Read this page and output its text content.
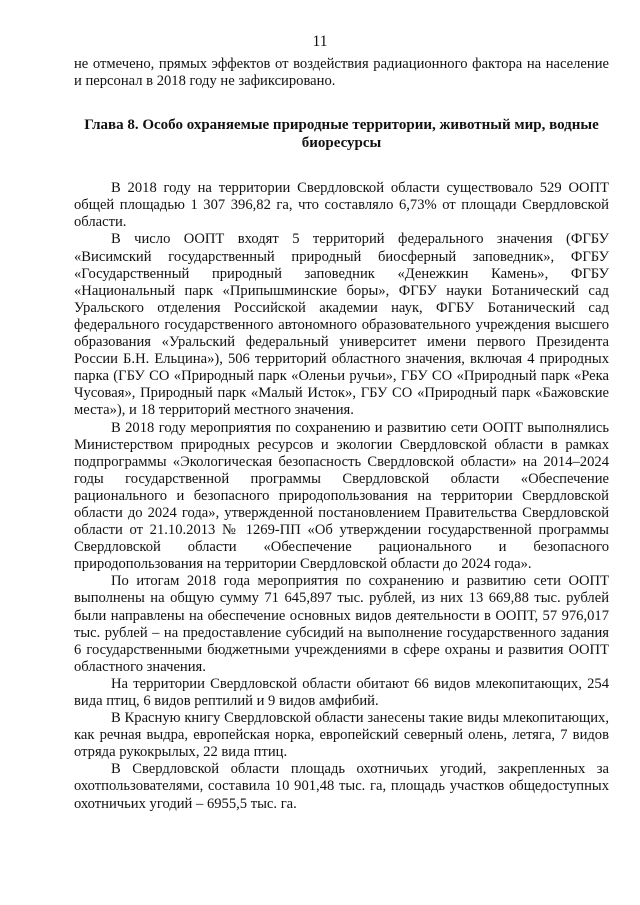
11

не отмечено, прямых эффектов от воздействия радиационного фактора на население и персонал в 2018 году не зафиксировано.

Глава 8. Особо охраняемые природные территории, животный мир, водные биоресурсы

В 2018 году на территории Свердловской области существовало 529 ООПТ общей площадью 1 307 396,82 га, что составляло 6,73% от площади Свердловской области.

В число ООПТ входят 5 территорий федерального значения (ФГБУ «Висимский государственный природный биосферный заповедник», ФГБУ «Государственный природный заповедник «Денежкин Камень», ФГБУ «Национальный парк «Припышминские боры», ФГБУ науки Ботанический сад Уральского отделения Российской академии наук, ФГБУ Ботанический сад федерального государственного автономного образовательного учреждения высшего образования «Уральский федеральный университет имени первого Президента России Б.Н. Ельцина»), 506 территорий областного значения, включая 4 природных парка (ГБУ СО «Природный парк «Оленьи ручьи», ГБУ СО «Природный парк «Река Чусовая», Природный парк «Малый Исток», ГБУ СО «Природный парк «Бажовские места»), и 18 территорий местного значения.

В 2018 году мероприятия по сохранению и развитию сети ООПТ выполнялись Министерством природных ресурсов и экологии Свердловской области в рамках подпрограммы «Экологическая безопасность Свердловской области» на 2014–2024 годы государственной программы Свердловской области «Обеспечение рационального и безопасного природопользования на территории Свердловской области до 2024 года», утвержденной постановлением Правительства Свердловской области от 21.10.2013 № 1269-ПП «Об утверждении государственной программы Свердловской области «Обеспечение рационального и безопасного природопользования на территории Свердловской области до 2024 года».

По итогам 2018 года мероприятия по сохранению и развитию сети ООПТ выполнены на общую сумму 71 645,897 тыс. рублей, из них 13 669,88 тыс. рублей были направлены на обеспечение основных видов деятельности в ООПТ, 57 976,017 тыс. рублей – на предоставление субсидий на выполнение государственного задания 6 государственными бюджетными учреждениями в сфере охраны и развития ООПТ областного значения.

На территории Свердловской области обитают 66 видов млекопитающих, 254 вида птиц, 6 видов рептилий и 9 видов амфибий.

В Красную книгу Свердловской области занесены такие виды млекопитающих, как речная выдра, европейская норка, европейский северный олень, летяга, 7 видов отряда рукокрылых, 22 вида птиц.

В Свердловской области площадь охотничьих угодий, закрепленных за охотпользователями, составила 10 901,48 тыс. га, площадь участков общедоступных охотничьих угодий – 6955,5 тыс. га.
